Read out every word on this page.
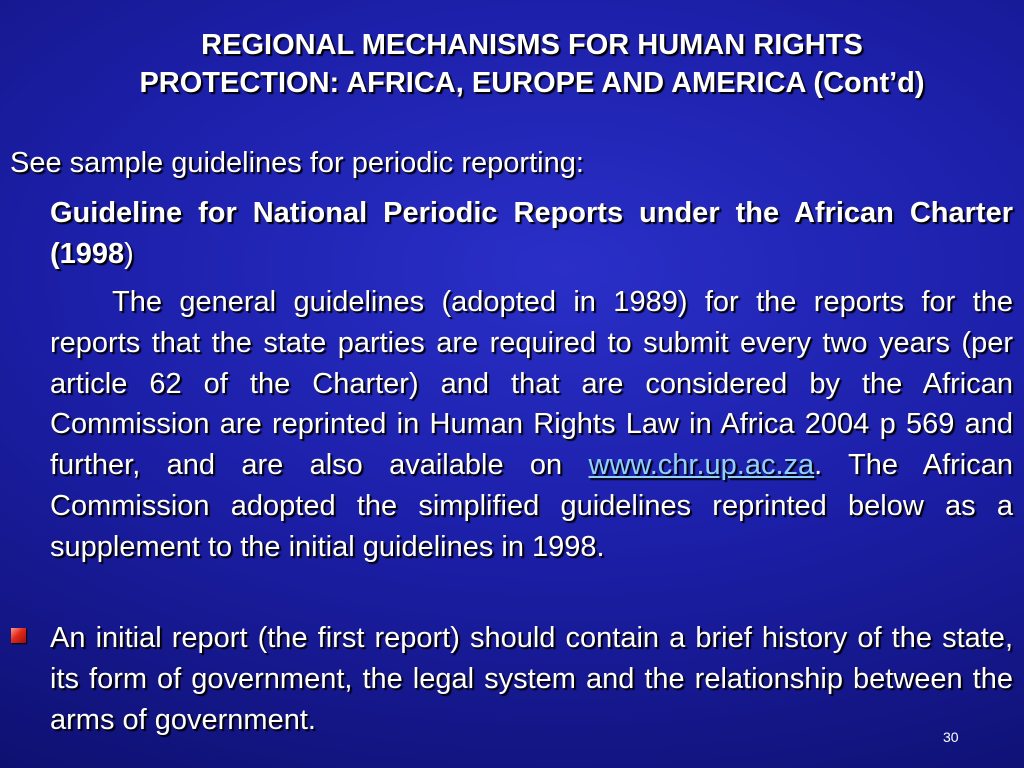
REGIONAL MECHANISMS FOR HUMAN RIGHTS
PROTECTION: AFRICA, EUROPE AND AMERICA (Cont’d)
See sample guidelines for periodic reporting:
Guideline for National Periodic Reports under the African Charter (1998)
The general guidelines (adopted in 1989) for the reports for the reports that the state parties are required to submit every two years (per article 62 of the Charter) and that are considered by the African Commission are reprinted in Human Rights Law in Africa 2004 p 569 and further, and are also available on www.chr.up.ac.za. The African Commission adopted the simplified guidelines reprinted below as a supplement to the initial guidelines in 1998.
An initial report (the first report) should contain a brief history of the state, its form of government, the legal system and the relationship between the arms of government.
30
